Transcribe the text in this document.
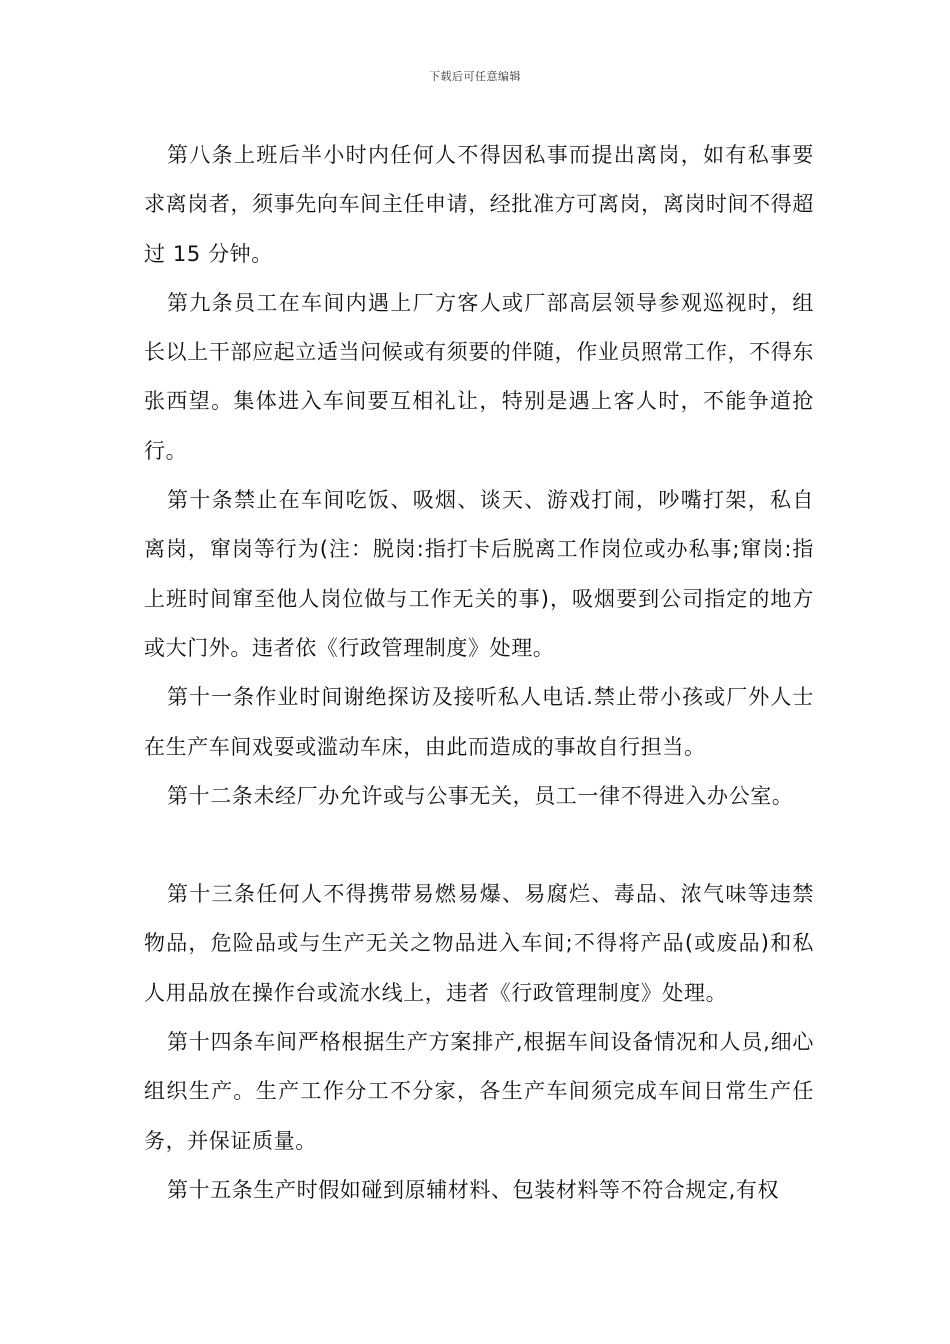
下载后可任意编辑

第八条上班后半小时内任何人不得因私事而提出离岗，如有私事要求离岗者，须事先向车间主任申请，经批准方可离岗，离岗时间不得超过 15 分钟。

第九条员工在车间内遇上厂方客人或厂部高层领导参观巡视时，组长以上干部应起立适当问候或有须要的伴随，作业员照常工作，不得东张西望。集体进入车间要互相礼让，特别是遇上客人时，不能争道抢行。

第十条禁止在车间吃饭、吸烟、谈天、游戏打闹，吵嘴打架，私自离岗，窜岗等行为(注：脱岗:指打卡后脱离工作岗位或办私事;窜岗:指上班时间窜至他人岗位做与工作无关的事)，吸烟要到公司指定的地方或大门外。违者依《行政管理制度》处理。

第十一条作业时间谢绝探访及接听私人电话.禁止带小孩或厂外人士在生产车间戏耍或滥动车床，由此而造成的事故自行担当。

第十二条未经厂办允许或与公事无关，员工一律不得进入办公室。

第十三条任何人不得携带易燃易爆、易腐烂、毒品、浓气味等违禁物品，危险品或与生产无关之物品进入车间;不得将产品(或废品)和私人用品放在操作台或流水线上，违者《行政管理制度》处理。

第十四条车间严格根据生产方案排产,根据车间设备情况和人员,细心组织生产。生产工作分工不分家，各生产车间须完成车间日常生产任务，并保证质量。

第十五条生产时假如碰到原辅材料、包装材料等不符合规定,有权
